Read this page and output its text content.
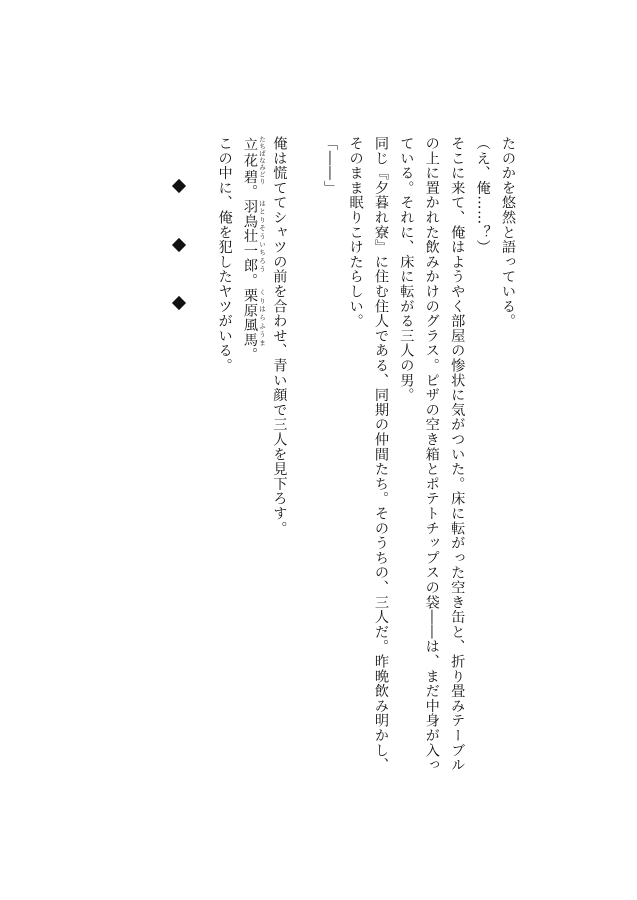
たのかを悠然と語っている。

（え、俺……？）

そこに来て、俺はようやく部屋の惨状に気がついた。床に転がった空き缶と、折り畳みテーブルの上に置かれた飲みかけのグラス。ピザの空き箱とポテトチップスの袋――は、まだ中身が入っている。それに、床に転がる三人の男。

同じ『夕暮れ寮』に住む住人である、同期の仲間たち。そのうちの、三人だ。昨晩飲み明かし、そのまま眠りこけたらしい。

「――」

俺は慌ててシャツの前を合わせ、青い顔で三人を見下ろす。

立花碧 たちばなみどり。羽鳥壮一郎 はとりそういちろう。栗原風馬 くりはらふうま。

この中に、俺を犯したヤツがいる。
